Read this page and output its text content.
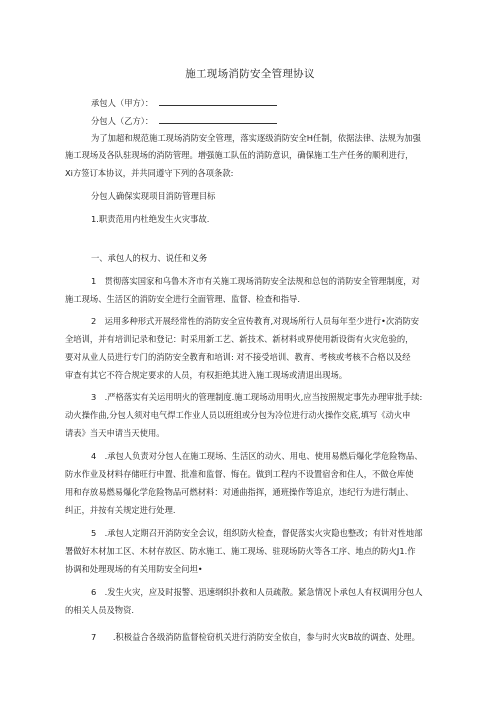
施工现场消防安全管理协议
承包人（甲方）：
分包人（乙方）：
为了加超和规范施工现场消防安全管理，落实逐级消防安全H任制，依据法律、法规为加强
施工现场及各队驻现场的消防管理。增强施工队伍的消防意识，确保施工生产任务的顺利进行，
Xi方签订本协议，并共同遵守下列的各项条款:
分包人确保实现项目消防管理目标
1.职责范用内杜绝发生火灾事故.
一、承包人的权力、说任和义务
1　贯彻落实国家和乌鲁木齐市有关施工现场消防安全法规和总包的消防安全管理制度，对
施工现场、生活区的消防安全进行全面管理、监督、检查和指导.
2　运用多种形式开展经常性的消防安全宣传教育,对现场所行人员每年至少进行•次消防安
全培训，并有培训记录和登记：时采用新工艺、新技术、新材料或界使用新设街有火灾危验的，
要对从业人员进行专门的消防安全教育和培训: 对不接受培训、教育、考核或考核不合格以及经
审查有其它不符合规定要求的人员，有权拒绝其进入施工现场或清退出现场。
3　.严格落实有关运用明火的管理制度.施工现场动用明火,应当按照规定事先办理审批手续:
动火操作曲,分包人须对电气焊工作业人员以班组或分包为冷位进行动火操作交底,填写《动火申
请表》当天申请当天使用。
4　.承包人负责对分包人在施工现场、生活区的动火、用电、使用易燃后爆化学危险物品、
防水作业及材料存储旺行申置、批准和监督、悔在。做到工程内不设置宿舍和住人，不做仓库使
用和存放易燃易爆化学危险物品可燃材料：对通曲指挥，通班操作等追京，违纪行为进行制止、
纠正，并按有关规定进行处理.
5　.承包人定期召开消防安全会议，组织防火检查，督促落实火灾隐也整改；有针对性地部
署做好木材加工区、木材存放区、防水施工、施工现场、驻现场防火等各工序、地点的防火J1.作
协调和处理现场的有关用防安全问坦•
6　.发生火灾，应及时报警、迅速纲织扑救和人员疏散。紧急情况卜承包人有权调用分包人
的相关人员及物资.
7　　.积极益合各级消防监督检窃机关进行消防安全依自，参与时火灾B故的调查、处理。
